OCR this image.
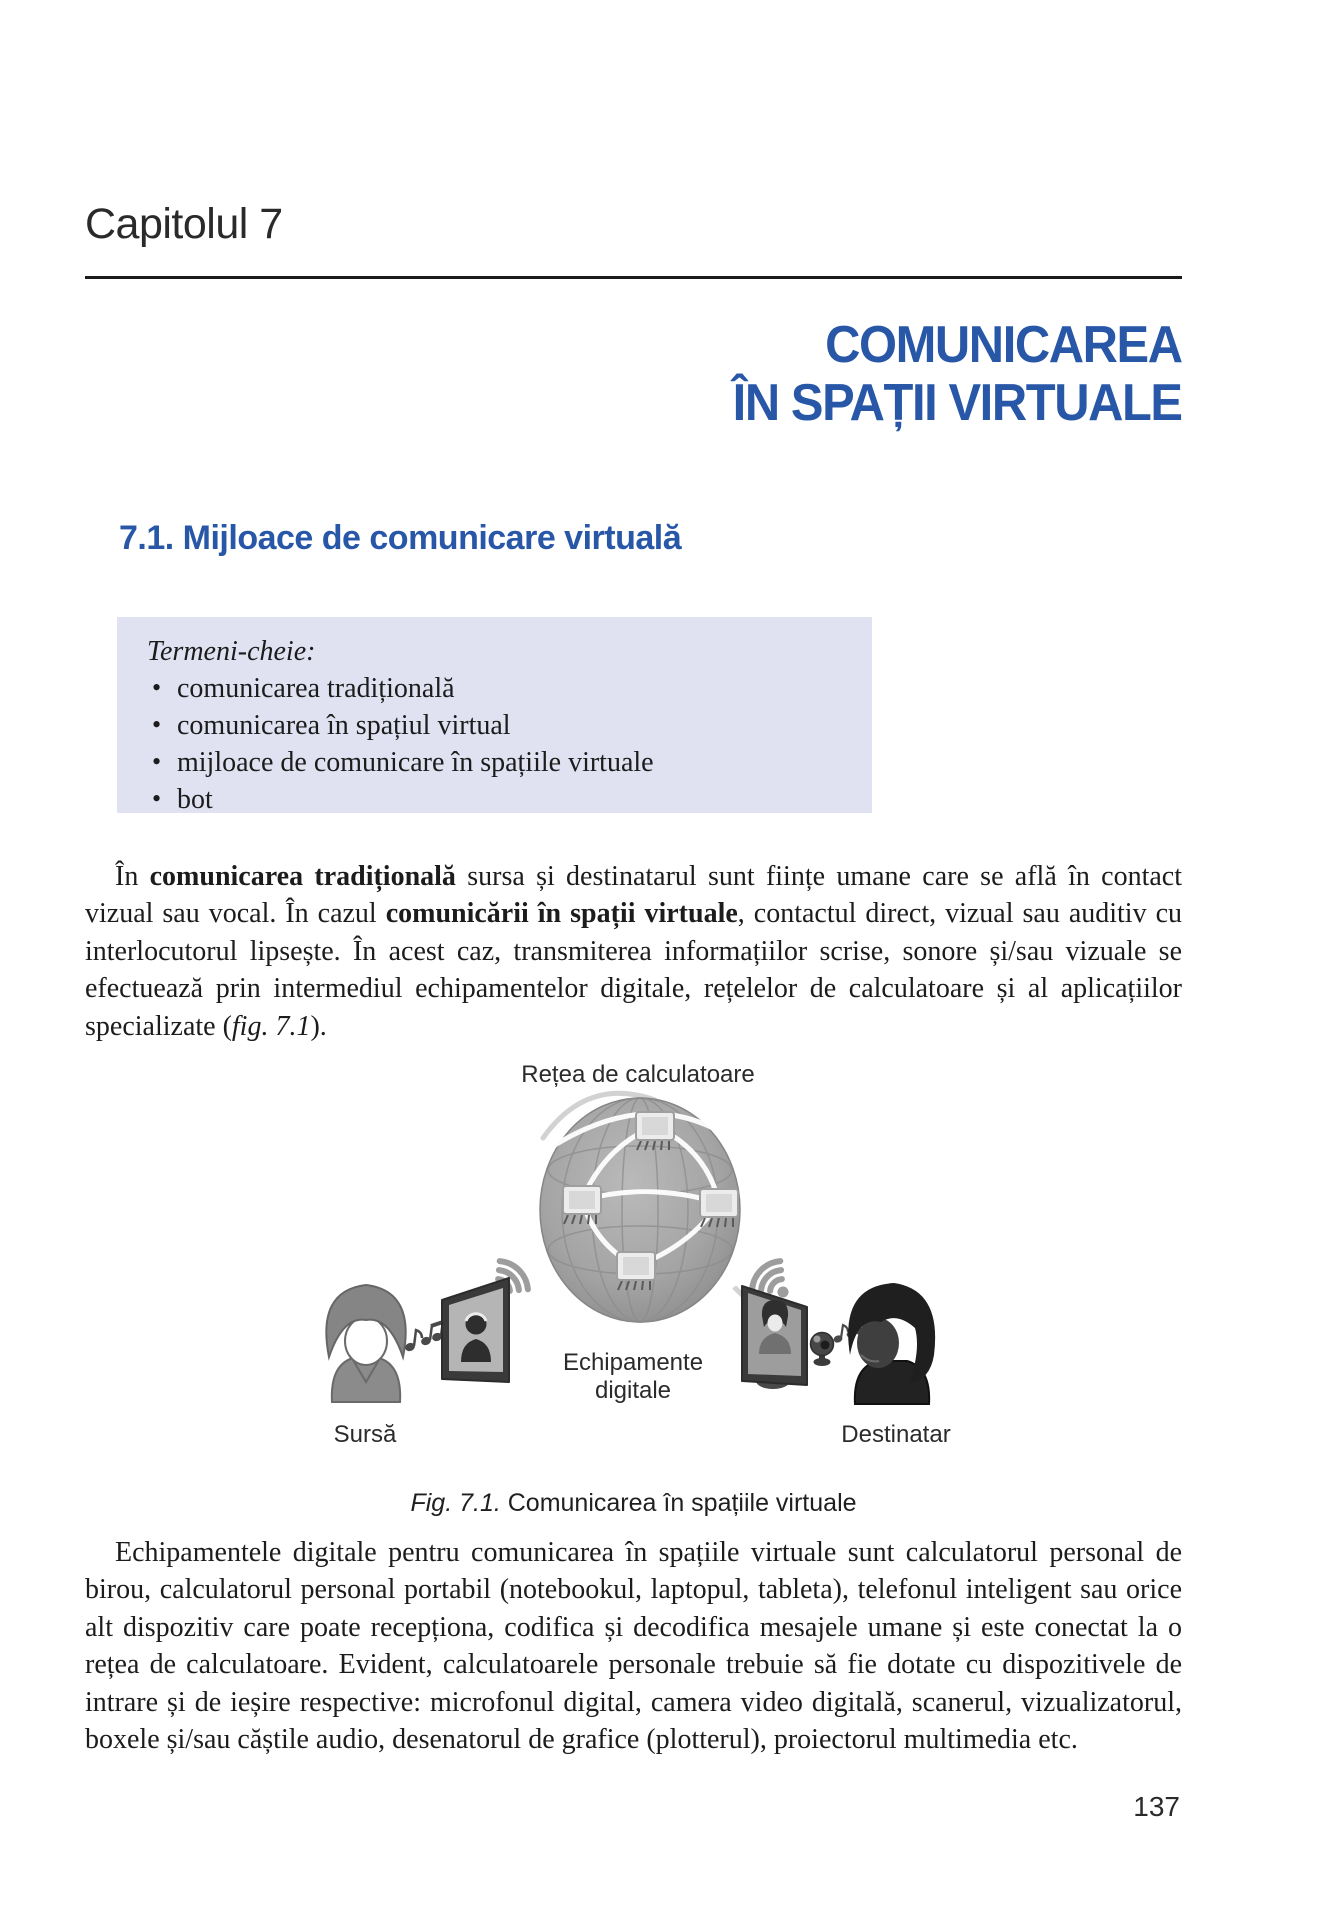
Capitolul 7
COMUNICAREA
ÎN SPAȚII VIRTUALE
7.1. Mijloace de comunicare virtuală
Termeni-cheie:
• comunicarea tradițională
• comunicarea în spațiul virtual
• mijloace de comunicare în spațiile virtuale
• bot

În comunicarea tradițională sursa și destinatarul sunt ființe umane care se află în contact vizual sau vocal. În cazul comunicării în spații virtuale, contactul direct, vizual sau auditiv cu interlocutorul lipsește. În acest caz, transmiterea informațiilor scrise, sonore și/sau vizuale se efectuează prin intermediul echipamentelor digitale, rețelelor de calculatoare și al aplicațiilor specializate (fig. 7.1).

Rețea de calculatoare
Echipamente
digitale
Sursă	Destinatar
Fig. 7.1. Comunicarea în spațiile virtuale

Echipamentele digitale pentru comunicarea în spațiile virtuale sunt calculatorul personal de birou, calculatorul personal portabil (notebookul, laptopul, tableta), telefonul inteligent sau orice alt dispozitiv care poate recepționa, codifica și decodifica mesajele umane și este conectat la o rețea de calculatoare. Evident, calculatoarele personale trebuie să fie dotate cu dispozitivele de intrare și de ieșire respective: microfonul digital, camera video digitală, scanerul, vizualizatorul, boxele și/sau căștile audio, desenatorul de grafice (plotterul), proiectorul multimedia etc.

137
